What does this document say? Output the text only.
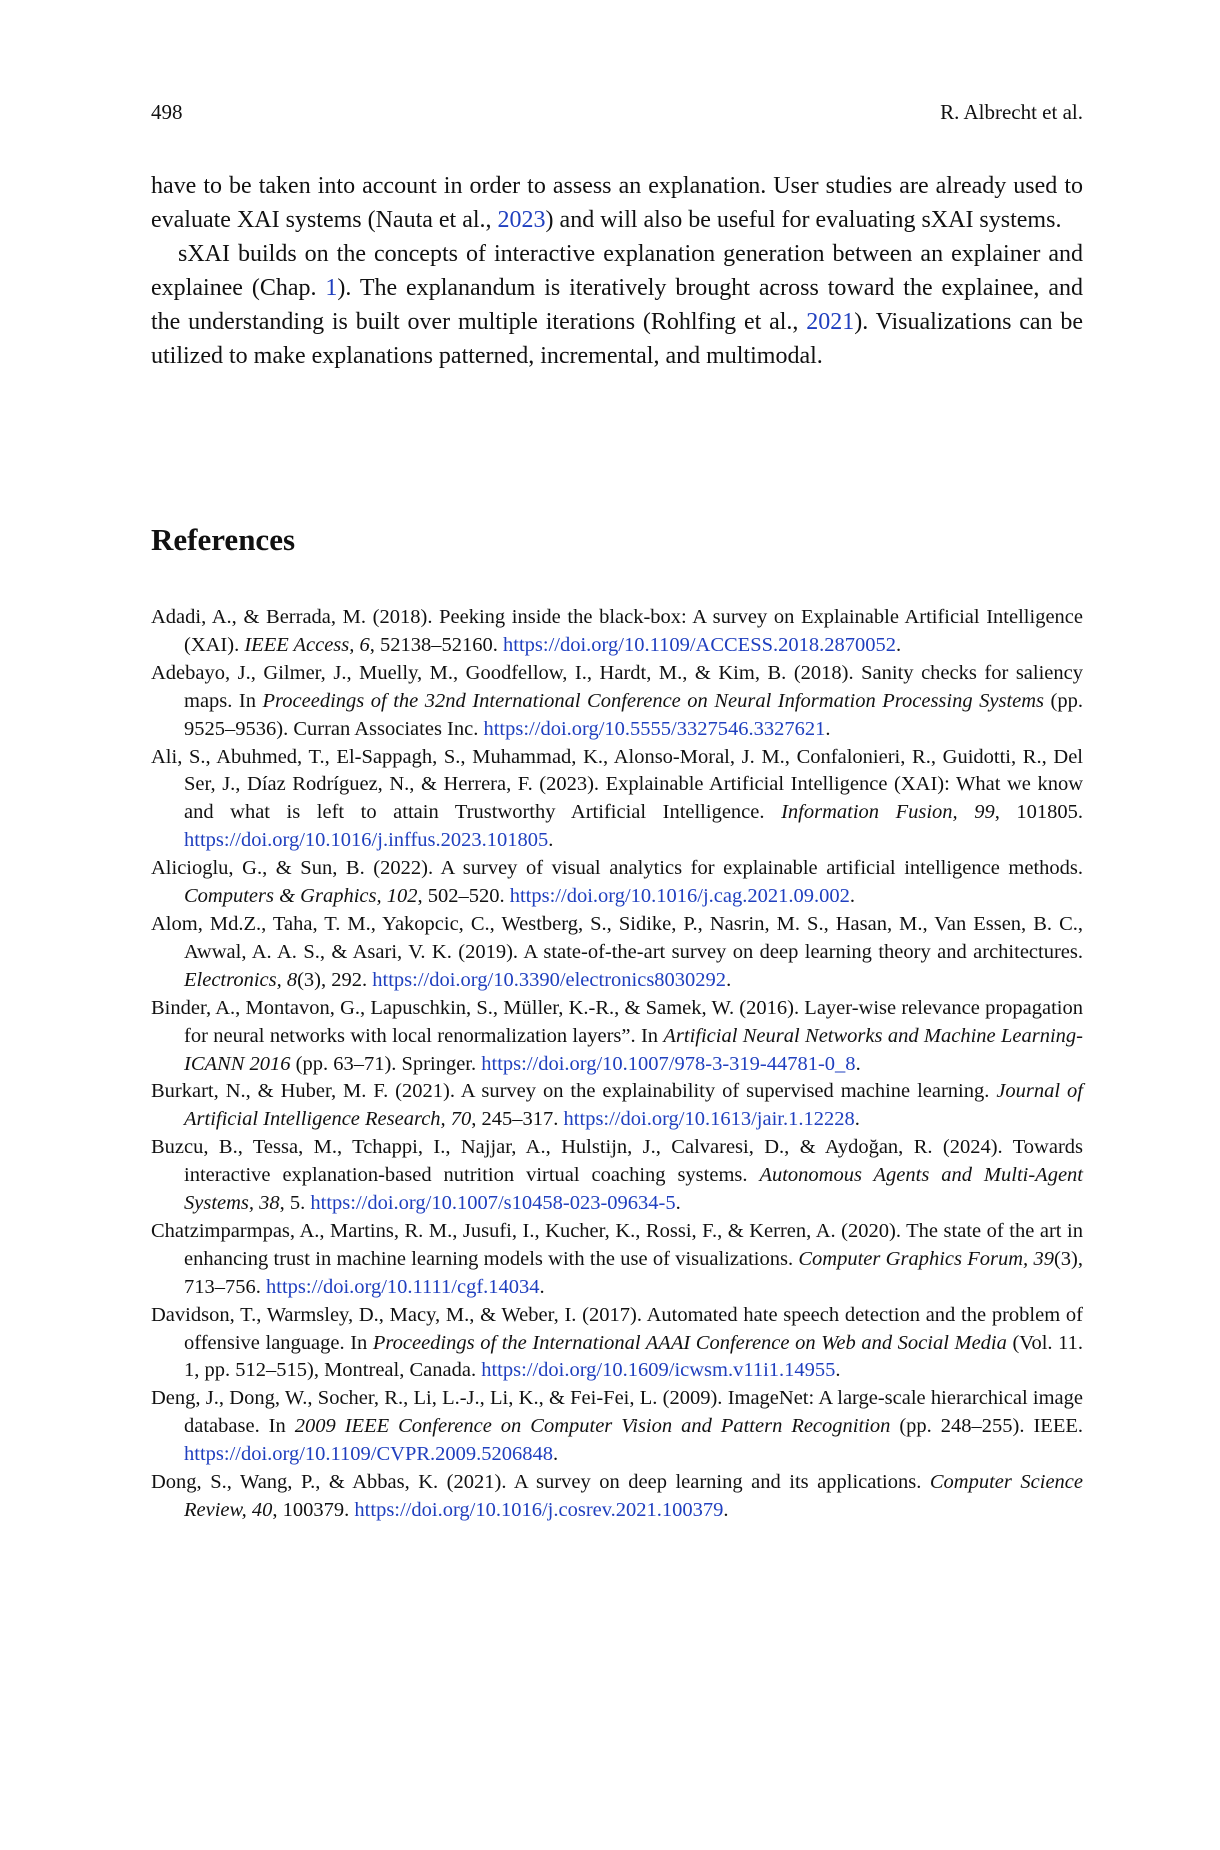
498	R. Albrecht et al.

have to be taken into account in order to assess an explanation. User studies are already used to evaluate XAI systems (Nauta et al., 2023) and will also be useful for evaluating sXAI systems.

sXAI builds on the concepts of interactive explanation generation between an explainer and explainee (Chap. 1). The explanandum is iteratively brought across toward the explainee, and the understanding is built over multiple iterations (Rohlfing et al., 2021). Visualizations can be utilized to make explanations patterned, incremental, and multimodal.

References

Adadi, A., & Berrada, M. (2018). Peeking inside the black-box: A survey on Explainable Artificial Intelligence (XAI). IEEE Access, 6, 52138–52160. https://doi.org/10.1109/ACCESS.2018.2870052.

Adebayo, J., Gilmer, J., Muelly, M., Goodfellow, I., Hardt, M., & Kim, B. (2018). Sanity checks for saliency maps. In Proceedings of the 32nd International Conference on Neural Information Processing Systems (pp. 9525–9536). Curran Associates Inc. https://doi.org/10.5555/3327546.3327621.

Ali, S., Abuhmed, T., El-Sappagh, S., Muhammad, K., Alonso-Moral, J. M., Confalonieri, R., Guidotti, R., Del Ser, J., Díaz Rodríguez, N., & Herrera, F. (2023). Explainable Artificial Intelligence (XAI): What we know and what is left to attain Trustworthy Artificial Intelligence. Information Fusion, 99, 101805. https://doi.org/10.1016/j.inffus.2023.101805.

Alicioglu, G., & Sun, B. (2022). A survey of visual analytics for explainable artificial intelligence methods. Computers & Graphics, 102, 502–520. https://doi.org/10.1016/j.cag.2021.09.002.

Alom, Md.Z., Taha, T. M., Yakopcic, C., Westberg, S., Sidike, P., Nasrin, M. S., Hasan, M., Van Essen, B. C., Awwal, A. A. S., & Asari, V. K. (2019). A state-of-the-art survey on deep learning theory and architectures. Electronics, 8(3), 292. https://doi.org/10.3390/electronics8030292.

Binder, A., Montavon, G., Lapuschkin, S., Müller, K.-R., & Samek, W. (2016). Layer-wise relevance propagation for neural networks with local renormalization layers”. In Artificial Neural Networks and Machine Learning-ICANN 2016 (pp. 63–71). Springer. https://doi.org/10.1007/978-3-319-44781-0_8.

Burkart, N., & Huber, M. F. (2021). A survey on the explainability of supervised machine learning. Journal of Artificial Intelligence Research, 70, 245–317. https://doi.org/10.1613/jair.1.12228.

Buzcu, B., Tessa, M., Tchappi, I., Najjar, A., Hulstijn, J., Calvaresi, D., & Aydoğan, R. (2024). Towards interactive explanation-based nutrition virtual coaching systems. Autonomous Agents and Multi-Agent Systems, 38, 5. https://doi.org/10.1007/s10458-023-09634-5.

Chatzimparmpas, A., Martins, R. M., Jusufi, I., Kucher, K., Rossi, F., & Kerren, A. (2020). The state of the art in enhancing trust in machine learning models with the use of visualizations. Computer Graphics Forum, 39(3), 713–756. https://doi.org/10.1111/cgf.14034.

Davidson, T., Warmsley, D., Macy, M., & Weber, I. (2017). Automated hate speech detection and the problem of offensive language. In Proceedings of the International AAAI Conference on Web and Social Media (Vol. 11. 1, pp. 512–515), Montreal, Canada. https://doi.org/10.1609/icwsm.v11i1.14955.

Deng, J., Dong, W., Socher, R., Li, L.-J., Li, K., & Fei-Fei, L. (2009). ImageNet: A large-scale hierarchical image database. In 2009 IEEE Conference on Computer Vision and Pattern Recognition (pp. 248–255). IEEE. https://doi.org/10.1109/CVPR.2009.5206848.

Dong, S., Wang, P., & Abbas, K. (2021). A survey on deep learning and its applications. Computer Science Review, 40, 100379. https://doi.org/10.1016/j.cosrev.2021.100379.
